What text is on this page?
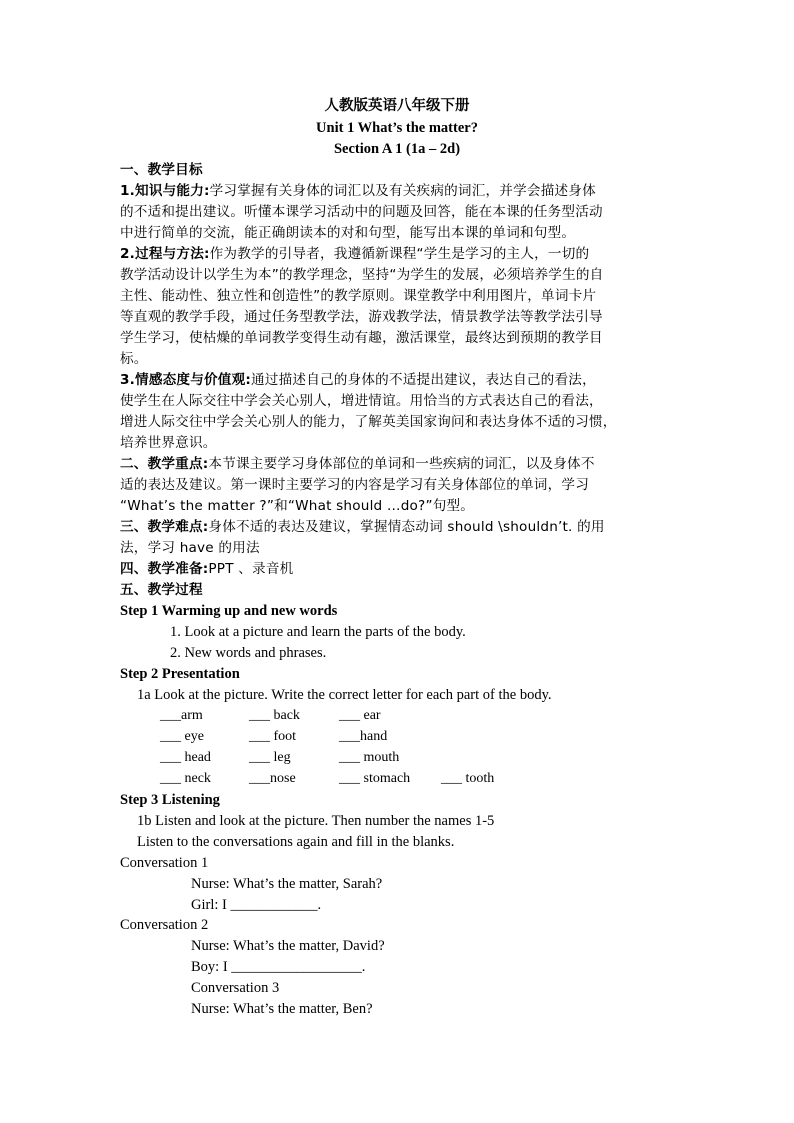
人教版英语八年级下册
Unit 1 What’s the matter?
Section A 1 (1a – 2d)
一、教学目标
1.知识与能力:学习掌握有关身体的词汇以及有关疾病的词汇，并学会描述身体
的不适和提出建议。听懂本课学习活动中的问题及回答，能在本课的任务型活动
中进行简单的交流，能正确朗读本的对和句型，能写出本课的单词和句型。
2.过程与方法:作为教学的引导者，我遵循新课程“学生是学习的主人，一切的
教学活动设计以学生为本”的教学理念，坚持“为学生的发展，必须培养学生的自
主性、能动性、独立性和创造性”的教学原则。课堂教学中利用图片，单词卡片
等直观的教学手段，通过任务型教学法，游戏教学法，情景教学法等教学法引导
学生学习，使枯燥的单词教学变得生动有趣，激活课堂，最终达到预期的教学目
标。
3.情感态度与价值观:通过描述自己的身体的不适提出建议，表达自己的看法，
使学生在人际交往中学会关心别人，增进情谊。用恰当的方式表达自己的看法，
增进人际交往中学会关心别人的能力，了解英美国家询问和表达身体不适的习惯，
培养世界意识。
二、教学重点:本节课主要学习身体部位的单词和一些疾病的词汇，以及身体不
适的表达及建议。第一课时主要学习的内容是学习有关身体部位的单词，学习
“What’s the matter ?”和“What should …do?”句型。
三、教学难点:身体不适的表达及建议，掌握情态动词 should \shouldn’t. 的用
法，学习 have 的用法
四、教学准备:PPT 、录音机
五、教学过程
Step 1 Warming up and new words
1. Look at a picture and learn the parts of the body.
2. New words and phrases.
Step 2 Presentation
1a Look at the picture. Write the correct letter for each part of the body.
___arm	___ back	___ ear
___ eye	___ foot	___hand
___ head	___ leg	___ mouth
___ neck	___nose	___ stomach ___ tooth
Step 3 Listening
1b Listen and look at the picture. Then number the names 1-5
Listen to the conversations again and fill in the blanks.
Conversation 1
Nurse: What’s the matter, Sarah?
Girl: I ____________.
Conversation 2
Nurse: What’s the matter, David?
Boy: I __________________.
Conversation 3
Nurse: What’s the matter, Ben?
